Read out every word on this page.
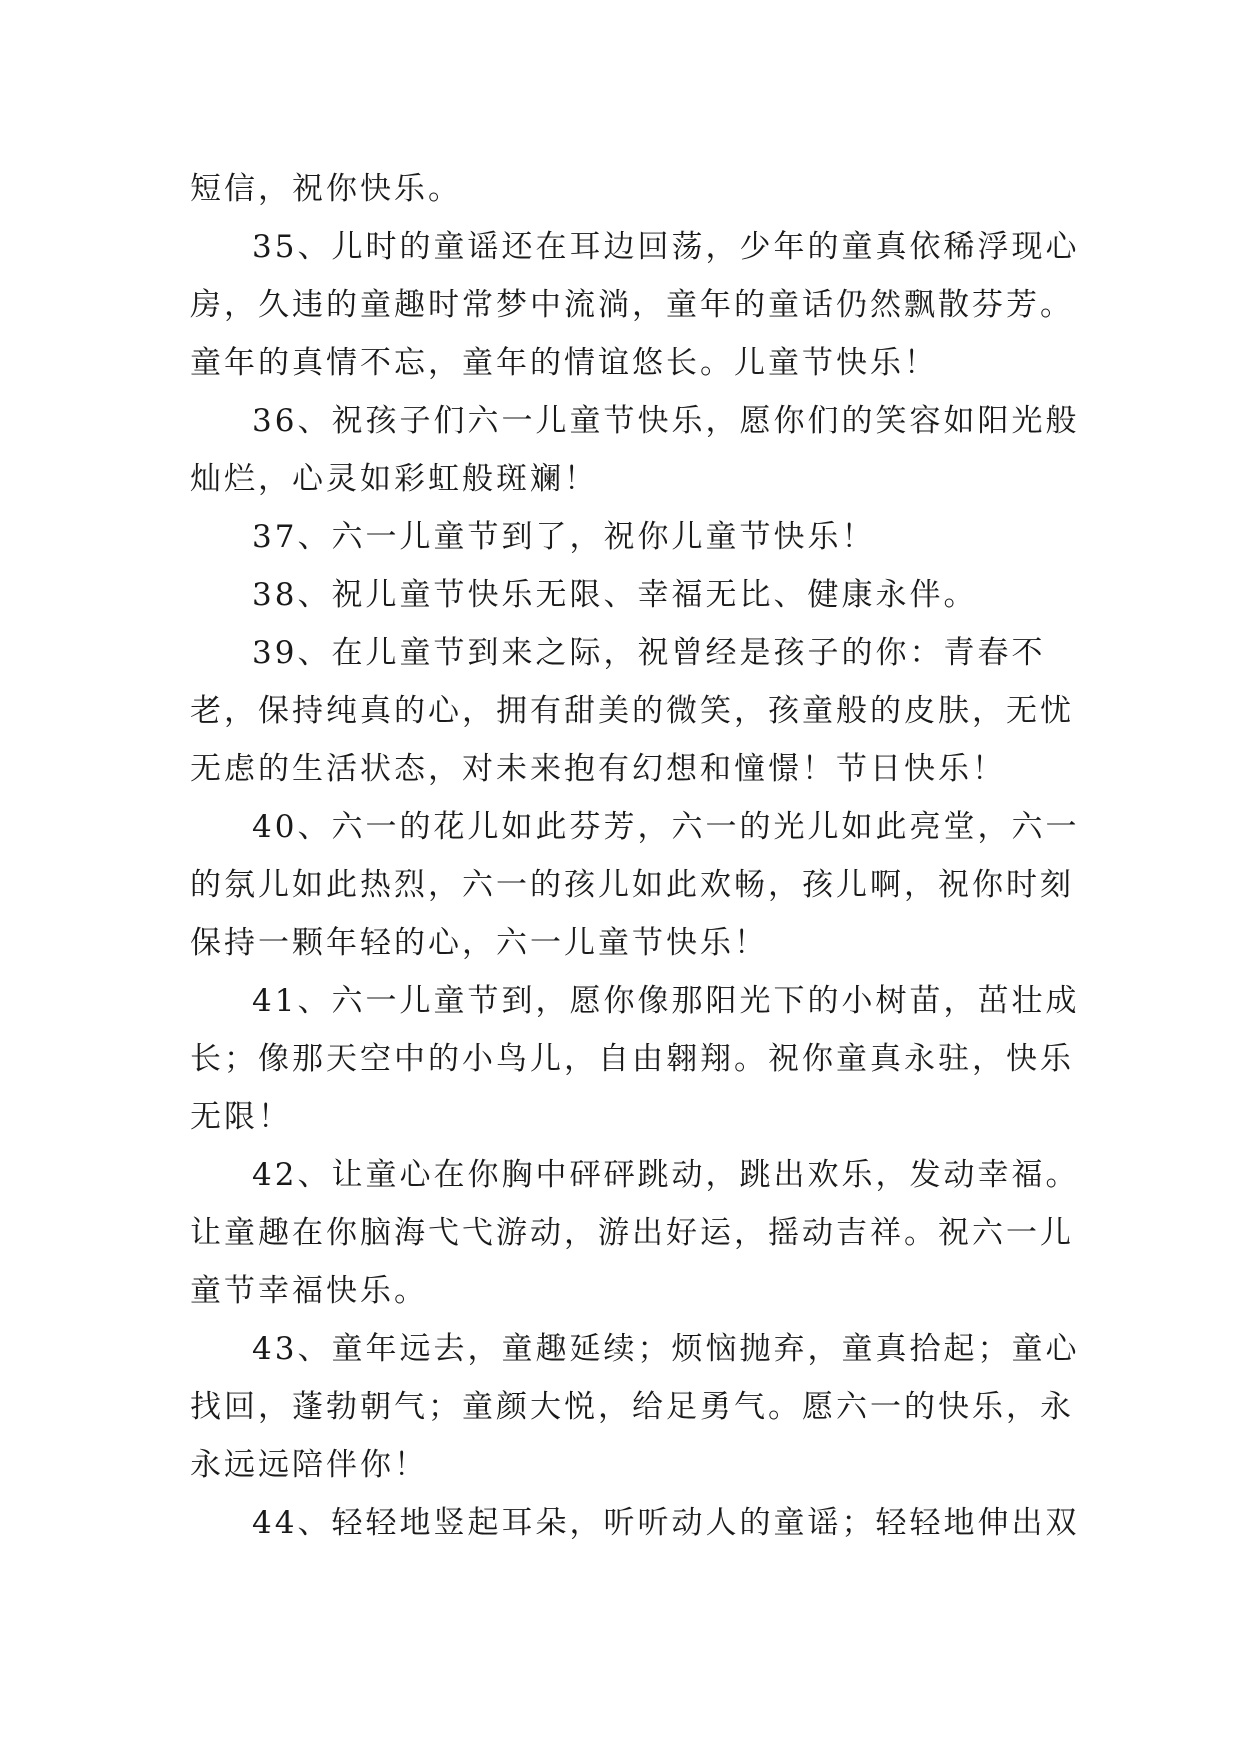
短信，祝你快乐。

35、儿时的童谣还在耳边回荡，少年的童真依稀浮现心房，久违的童趣时常梦中流淌，童年的童话仍然飘散芬芳。童年的真情不忘，童年的情谊悠长。儿童节快乐！

36、祝孩子们六一儿童节快乐，愿你们的笑容如阳光般灿烂，心灵如彩虹般斑斓！

37、六一儿童节到了，祝你儿童节快乐！

38、祝儿童节快乐无限、幸福无比、健康永伴。

39、在儿童节到来之际，祝曾经是孩子的你：青春不老，保持纯真的心，拥有甜美的微笑，孩童般的皮肤，无忧无虑的生活状态，对未来抱有幻想和憧憬！节日快乐！

40、六一的花儿如此芬芳，六一的光儿如此亮堂，六一的氛儿如此热烈，六一的孩儿如此欢畅，孩儿啊，祝你时刻保持一颗年轻的心，六一儿童节快乐！

41、六一儿童节到，愿你像那阳光下的小树苗，茁壮成长；像那天空中的小鸟儿，自由翱翔。祝你童真永驻，快乐无限！

42、让童心在你胸中砰砰跳动，跳出欢乐，发动幸福。让童趣在你脑海弋弋游动，游出好运，摇动吉祥。祝六一儿童节幸福快乐。

43、童年远去，童趣延续；烦恼抛弃，童真拾起；童心找回，蓬勃朝气；童颜大悦，给足勇气。愿六一的快乐，永永远远陪伴你！

44、轻轻地竖起耳朵，听听动人的童谣；轻轻地伸出双
